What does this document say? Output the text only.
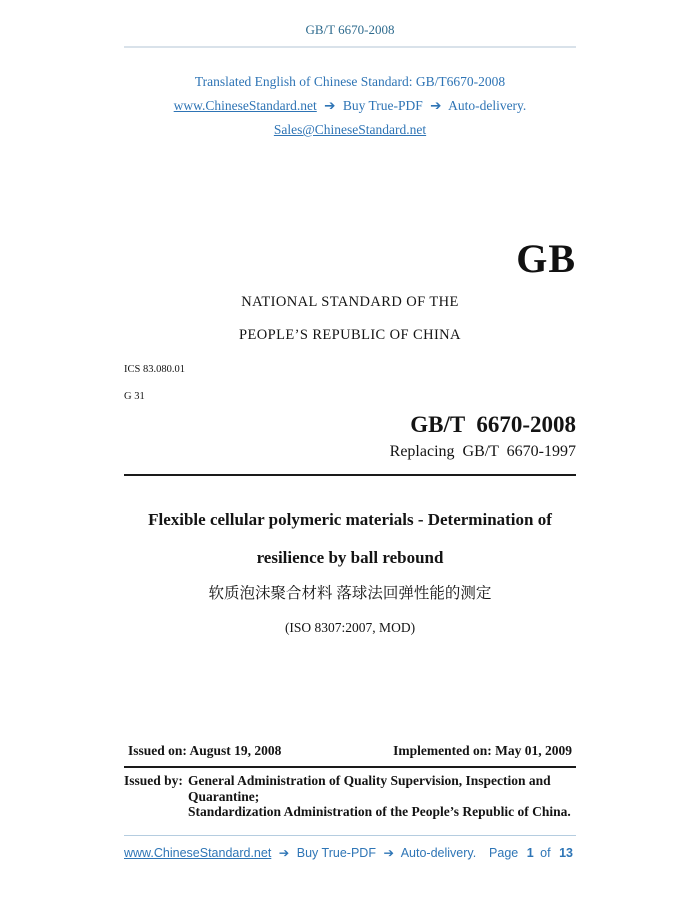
GB/T 6670-2008
Translated English of Chinese Standard: GB/T6670-2008
www.ChineseStandard.net ➔ Buy True-PDF ➔ Auto-delivery.
Sales@ChineseStandard.net
GB
NATIONAL STANDARD OF THE
PEOPLE’S REPUBLIC OF CHINA
ICS 83.080.01
G 31
GB/T  6670-2008
Replacing  GB/T  6670-1997
Flexible cellular polymeric materials - Determination of
resilience by ball rebound
软质泡沫聚合材料 落球法回弹性能的测定
(ISO 8307:2007, MOD)
Issued on: August 19, 2008	Implemented on: May 01, 2009
Issued by: General Administration of Quality Supervision, Inspection and
Quarantine;
Standardization Administration of the People’s Republic of China.
www.ChineseStandard.net ➔ Buy True-PDF ➔ Auto-delivery. Page 1 of 13
